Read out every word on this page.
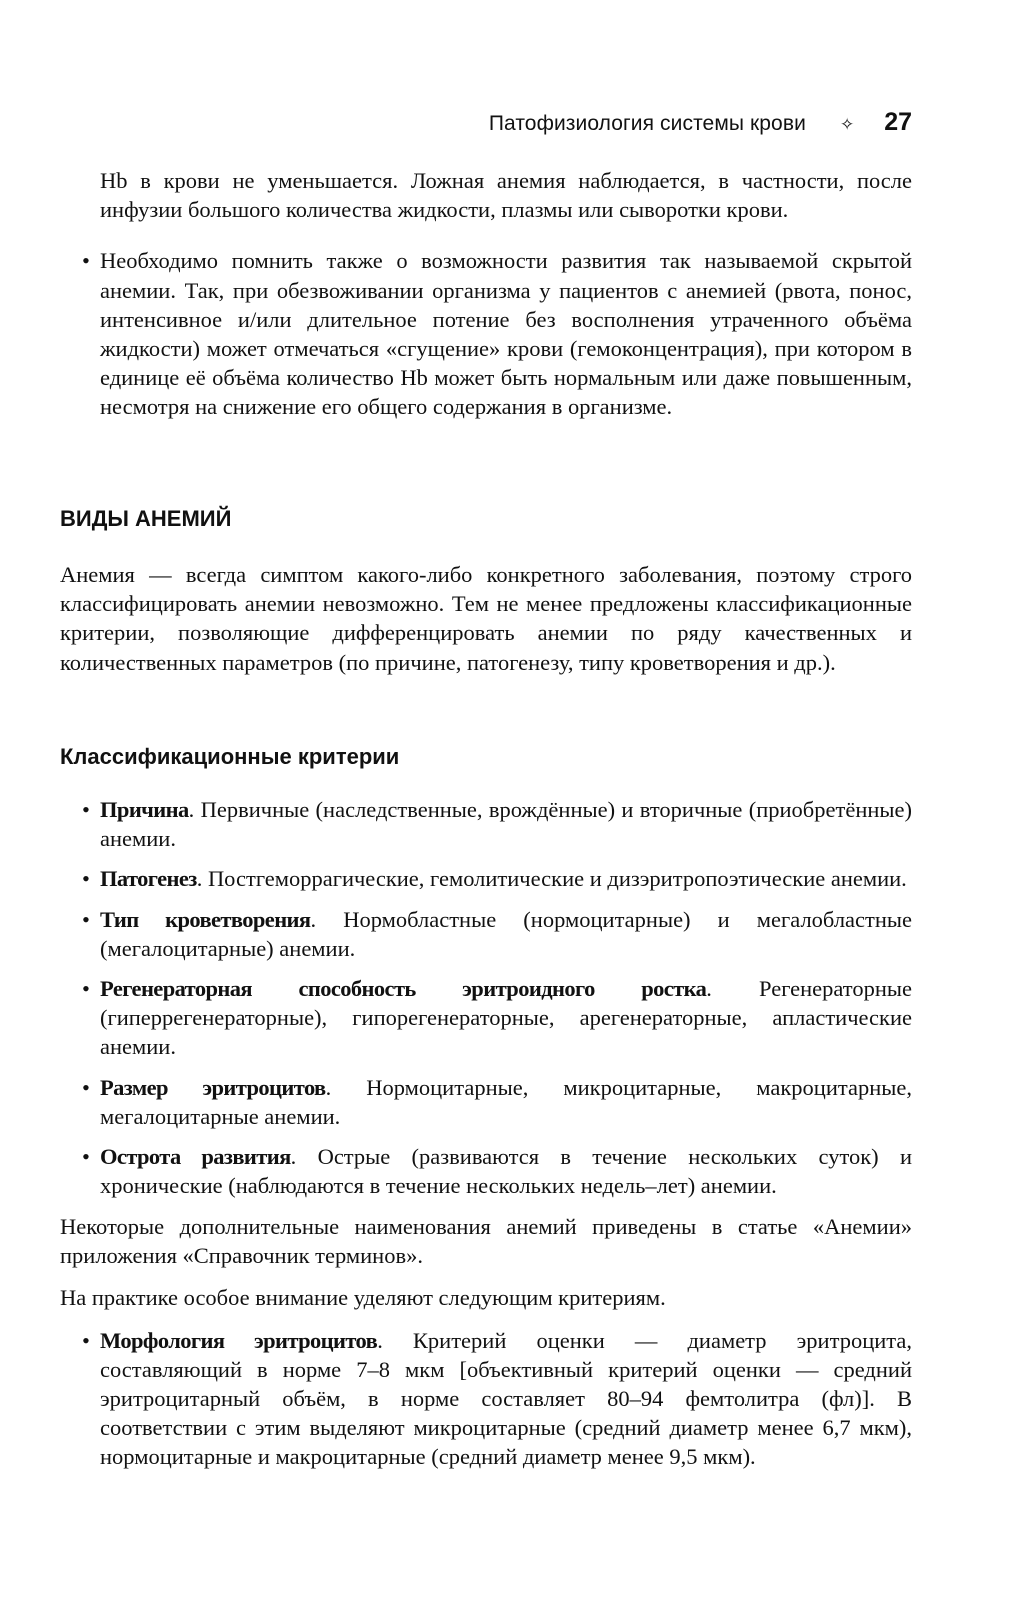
Патофизиология системы крови ✧ 27

Hb в крови не уменьшается. Ложная анемия наблюдается, в частности, после инфузии большого количества жидкости, плазмы или сыворотки крови.

• Необходимо помнить также о возможности развития так называемой скрытой анемии. Так, при обезвоживании организма у пациентов с анемией (рвота, понос, интенсивное и/или длительное потение без восполнения утраченного объёма жидкости) может отмечаться «сгущение» крови (гемоконцентрация), при котором в единице её объёма количество Hb может быть нормальным или даже повышенным, несмотря на снижение его общего содержания в организме.
ВИДЫ АНЕМИЙ

Анемия — всегда симптом какого-либо конкретного заболевания, поэтому строго классифицировать анемии невозможно. Тем не менее предложены классификационные критерии, позволяющие дифференцировать анемии по ряду качественных и количественных параметров (по причине, патогенезу, типу кроветворения и др.).

Классификационные критерии
• Причина. Первичные (наследственные, врождённые) и вторичные (приобретённые) анемии.
• Патогенез. Постгеморрагические, гемолитические и дизэритропоэтические анемии.
• Тип кроветворения. Нормобластные (нормоцитарные) и мегалобластные (мегалоцитарные) анемии.
• Регенераторная способность эритроидного ростка. Регенераторные (гиперрегенераторные), гипорегенераторные, арегенераторные, апластические анемии.
• Размер эритроцитов. Нормоцитарные, микроцитарные, макроцитарные, мегалоцитарные анемии.
• Острота развития. Острые (развиваются в течение нескольких суток) и хронические (наблюдаются в течение нескольких недель–лет) анемии.

Некоторые дополнительные наименования анемий приведены в статье «Анемии» приложения «Справочник терминов».

На практике особое внимание уделяют следующим критериям.

• Морфология эритроцитов. Критерий оценки — диаметр эритроцита, составляющий в норме 7–8 мкм [объективный критерий оценки — средний эритроцитарный объём, в норме составляет 80–94 фемтолитра (фл)]. В соответствии с этим выделяют микроцитарные (средний диаметр менее 6,7 мкм), нормоцитарные и макроцитарные (средний диаметр менее 9,5 мкм).
